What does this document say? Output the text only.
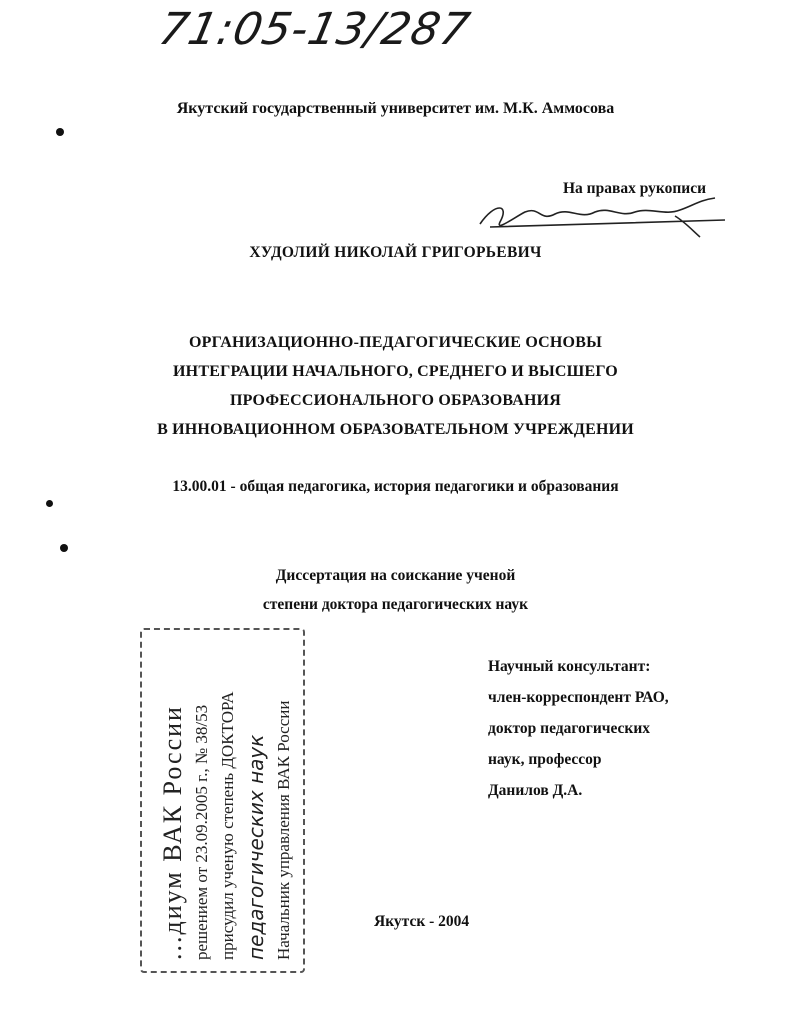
71:05-13/287
Якутский государственный университет им. М.К. Аммосова
На правах рукописи
ХУДОЛИЙ НИКОЛАЙ ГРИГОРЬЕВИЧ
ОРГАНИЗАЦИОННО-ПЕДАГОГИЧЕСКИЕ ОСНОВЫ
ИНТЕГРАЦИИ НАЧАЛЬНОГО, СРЕДНЕГО И ВЫСШЕГО
ПРОФЕССИОНАЛЬНОГО ОБРАЗОВАНИЯ
В ИННОВАЦИОННОМ ОБРАЗОВАТЕЛЬНОМ УЧРЕЖДЕНИИ
13.00.01 - общая педагогика, история педагогики и образования
Диссертация на соискание ученой
степени доктора педагогических наук
Научный консультант:
член-корреспондент РАО,
доктор педагогических
наук, профессор
Данилов Д.А.
...диум ВАК России решением от 23.09.2005 г., № 38/53 присудил ученую степень ДОКТОРА педагогических наук Начальник управления ВАК России	Якутск - 2004
